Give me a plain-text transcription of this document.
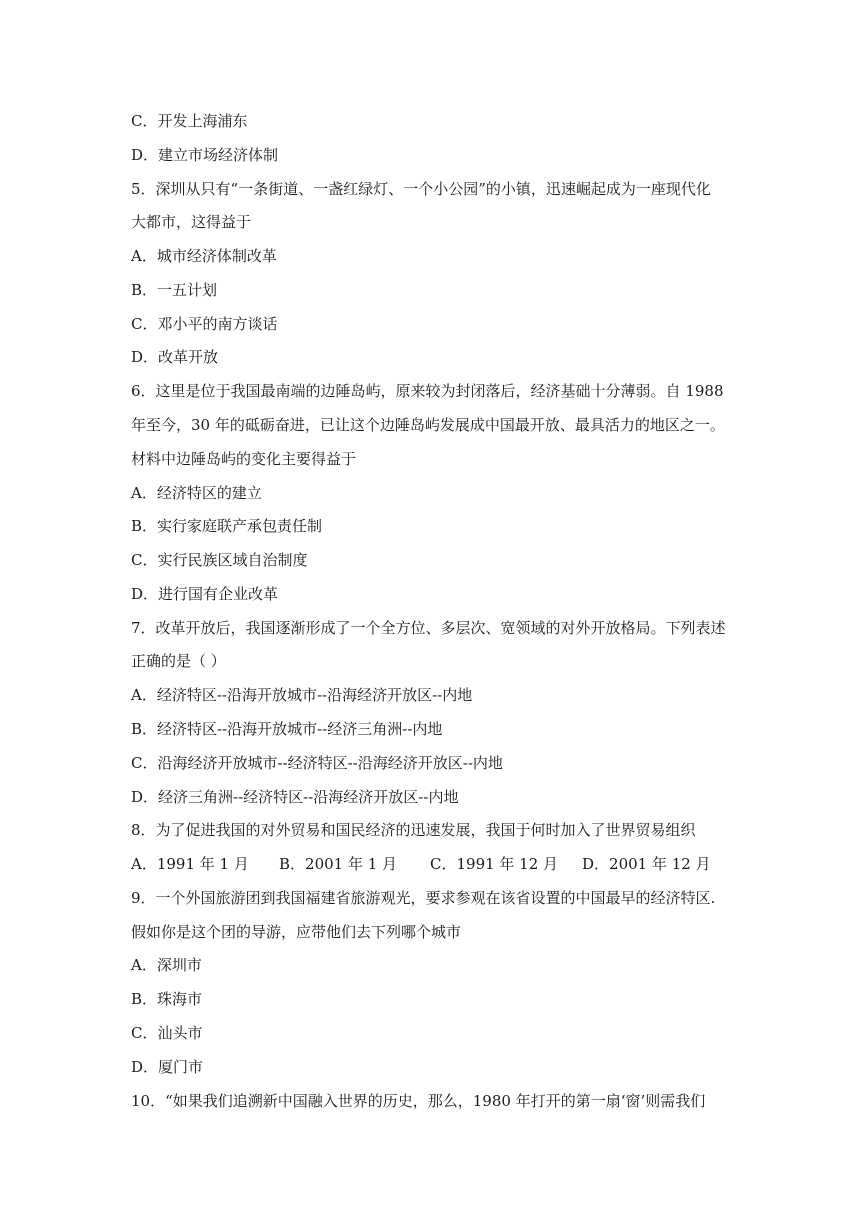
C．开发上海浦东
D．建立市场经济体制
5．深圳从只有“一条街道、一盏红绿灯、一个小公园”的小镇，迅速崛起成为一座现代化
大都市，这得益于
A．城市经济体制改革
B．一五计划
C．邓小平的南方谈话
D．改革开放
6．这里是位于我国最南端的边陲岛屿，原来较为封闭落后，经济基础十分薄弱。自 1988
年至今，30 年的砥砺奋进，已让这个边陲岛屿发展成中国最开放、最具活力的地区之一。
材料中边陲岛屿的变化主要得益于
A．经济特区的建立
B．实行家庭联产承包责任制
C．实行民族区域自治制度
D．进行国有企业改革
7．改革开放后，我国逐渐形成了一个全方位、多层次、宽领域的对外开放格局。下列表述
正确的是（ ）
A．经济特区--沿海开放城市--沿海经济开放区--内地
B．经济特区--沿海开放城市--经济三角洲--内地
C．沿海经济开放城市--经济特区--沿海经济开放区--内地
D．经济三角洲--经济特区--沿海经济开放区--内地
8．为了促进我国的对外贸易和国民经济的迅速发展，我国于何时加入了世界贸易组织
A．1991 年 1 月 B．2001 年 1 月 C．1991 年 12 月 D．2001 年 12 月
9．一个外国旅游团到我国福建省旅游观光，要求参观在该省设置的中国最早的经济特区.
假如你是这个团的导游，应带他们去下列哪个城市
A．深圳市
B．珠海市
C．汕头市
D．厦门市
10．“如果我们追溯新中国融入世界的历史，那么，1980 年打开的第一扇‘窗’则需我们
